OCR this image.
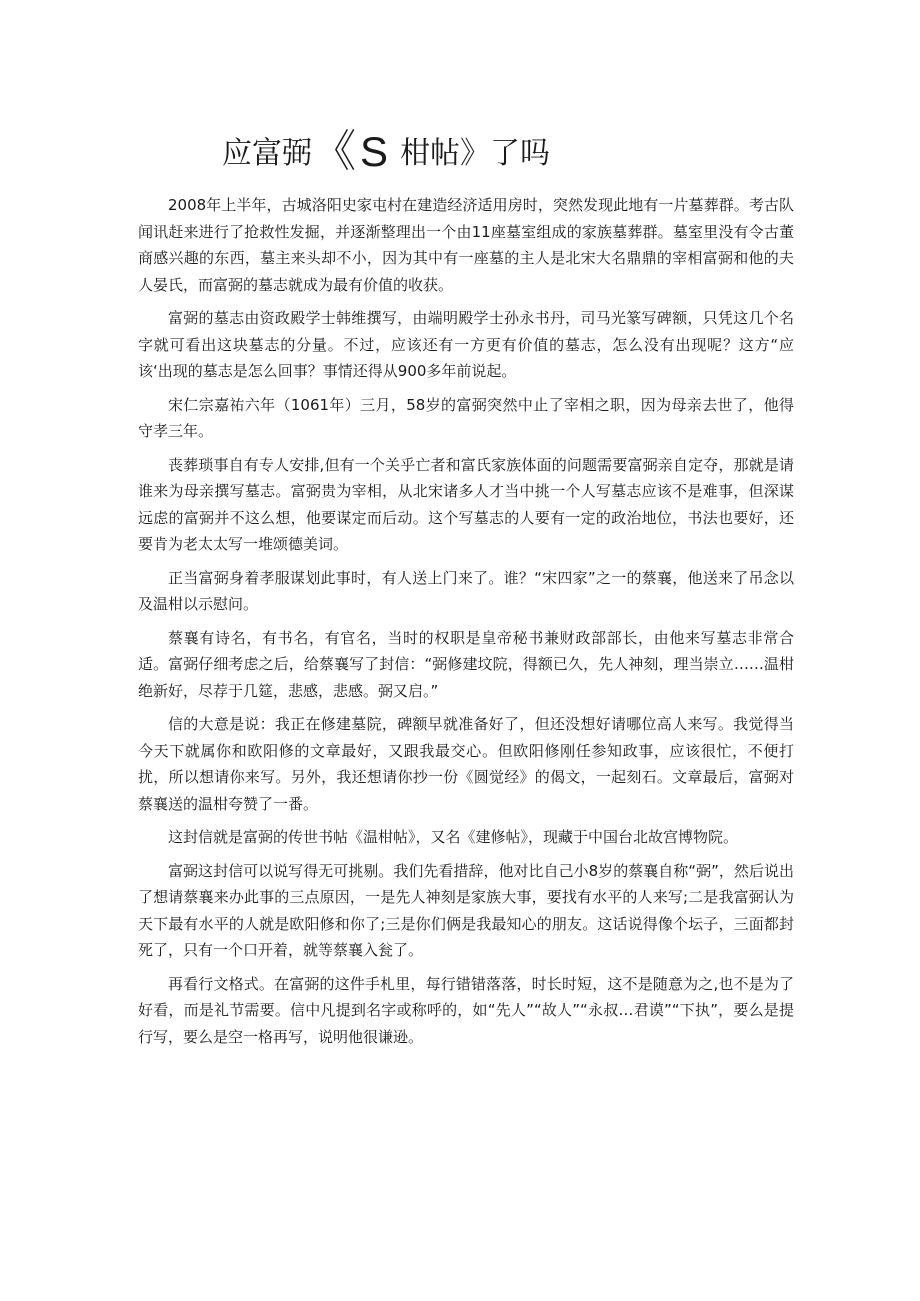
应富弼《 S 柑帖》了吗

2008年上半年，古城洛阳史家屯村在建造经济适用房时，突然发现此地有一片墓葬群。考古队闻讯赶来进行了抢救性发掘，并逐渐整理出一个由11座墓室组成的家族墓葬群。墓室里没有令古董商感兴趣的东西，墓主来头却不小，因为其中有一座墓的主人是北宋大名鼎鼎的宰相富弼和他的夫人晏氏，而富弼的墓志就成为最有价值的收获。

富弼的墓志由资政殿学士韩维撰写，由端明殿学士孙永书丹，司马光篆写碑额，只凭这几个名字就可看出这块墓志的分量。不过，应该还有一方更有价值的墓志，怎么没有出现呢？这方“应该‘出现的墓志是怎么回事？事情还得从900多年前说起。

宋仁宗嘉祐六年（1061年）三月，58岁的富弼突然中止了宰相之职，因为母亲去世了，他得守孝三年。

丧葬琐事自有专人安排,但有一个关乎亡者和富氏家族体面的问题需要富弼亲自定夺，那就是请谁来为母亲撰写墓志。富弼贵为宰相，从北宋诸多人才当中挑一个人写墓志应该不是难事，但深谋远虑的富弼并不这么想，他要谋定而后动。这个写墓志的人要有一定的政治地位，书法也要好，还要肯为老太太写一堆颂德美词。

正当富弼身着孝服谋划此事时，有人送上门来了。谁？“宋四家”之一的蔡襄，他送来了吊念以及温柑以示慰问。

蔡襄有诗名，有书名，有官名，当时的权职是皇帝秘书兼财政部部长，由他来写墓志非常合适。富弼仔细考虑之后，给蔡襄写了封信：“弼修建坟院，得额已久，先人神刻，理当崇立……温柑绝新好，尽荐于几筵，悲感，悲感。弼又启。”

信的大意是说：我正在修建墓院，碑额早就准备好了，但还没想好请哪位高人来写。我觉得当今天下就属你和欧阳修的文章最好，又跟我最交心。但欧阳修刚任参知政事，应该很忙，不便打扰，所以想请你来写。另外，我还想请你抄一份《圆觉经》的偈文，一起刻石。文章最后，富弼对蔡襄送的温柑夸赞了一番。

这封信就是富弼的传世书帖《温柑帖》，又名《建修帖》，现藏于中国台北故宫博物院。

富弼这封信可以说写得无可挑剔。我们先看措辞，他对比自己小8岁的蔡襄自称“弼”，然后说出了想请蔡襄来办此事的三点原因，一是先人神刻是家族大事，要找有水平的人来写;二是我富弼认为天下最有水平的人就是欧阳修和你了;三是你们俩是我最知心的朋友。这话说得像个坛子，三面都封死了，只有一个口开着，就等蔡襄入瓮了。

再看行文格式。在富弼的这件手札里，每行错错落落，时长时短，这不是随意为之,也不是为了好看，而是礼节需要。信中凡提到名字或称呼的，如“先人”“故人”“永叔…君谟”“下执”，要么是提行写，要么是空一格再写，说明他很谦逊。
